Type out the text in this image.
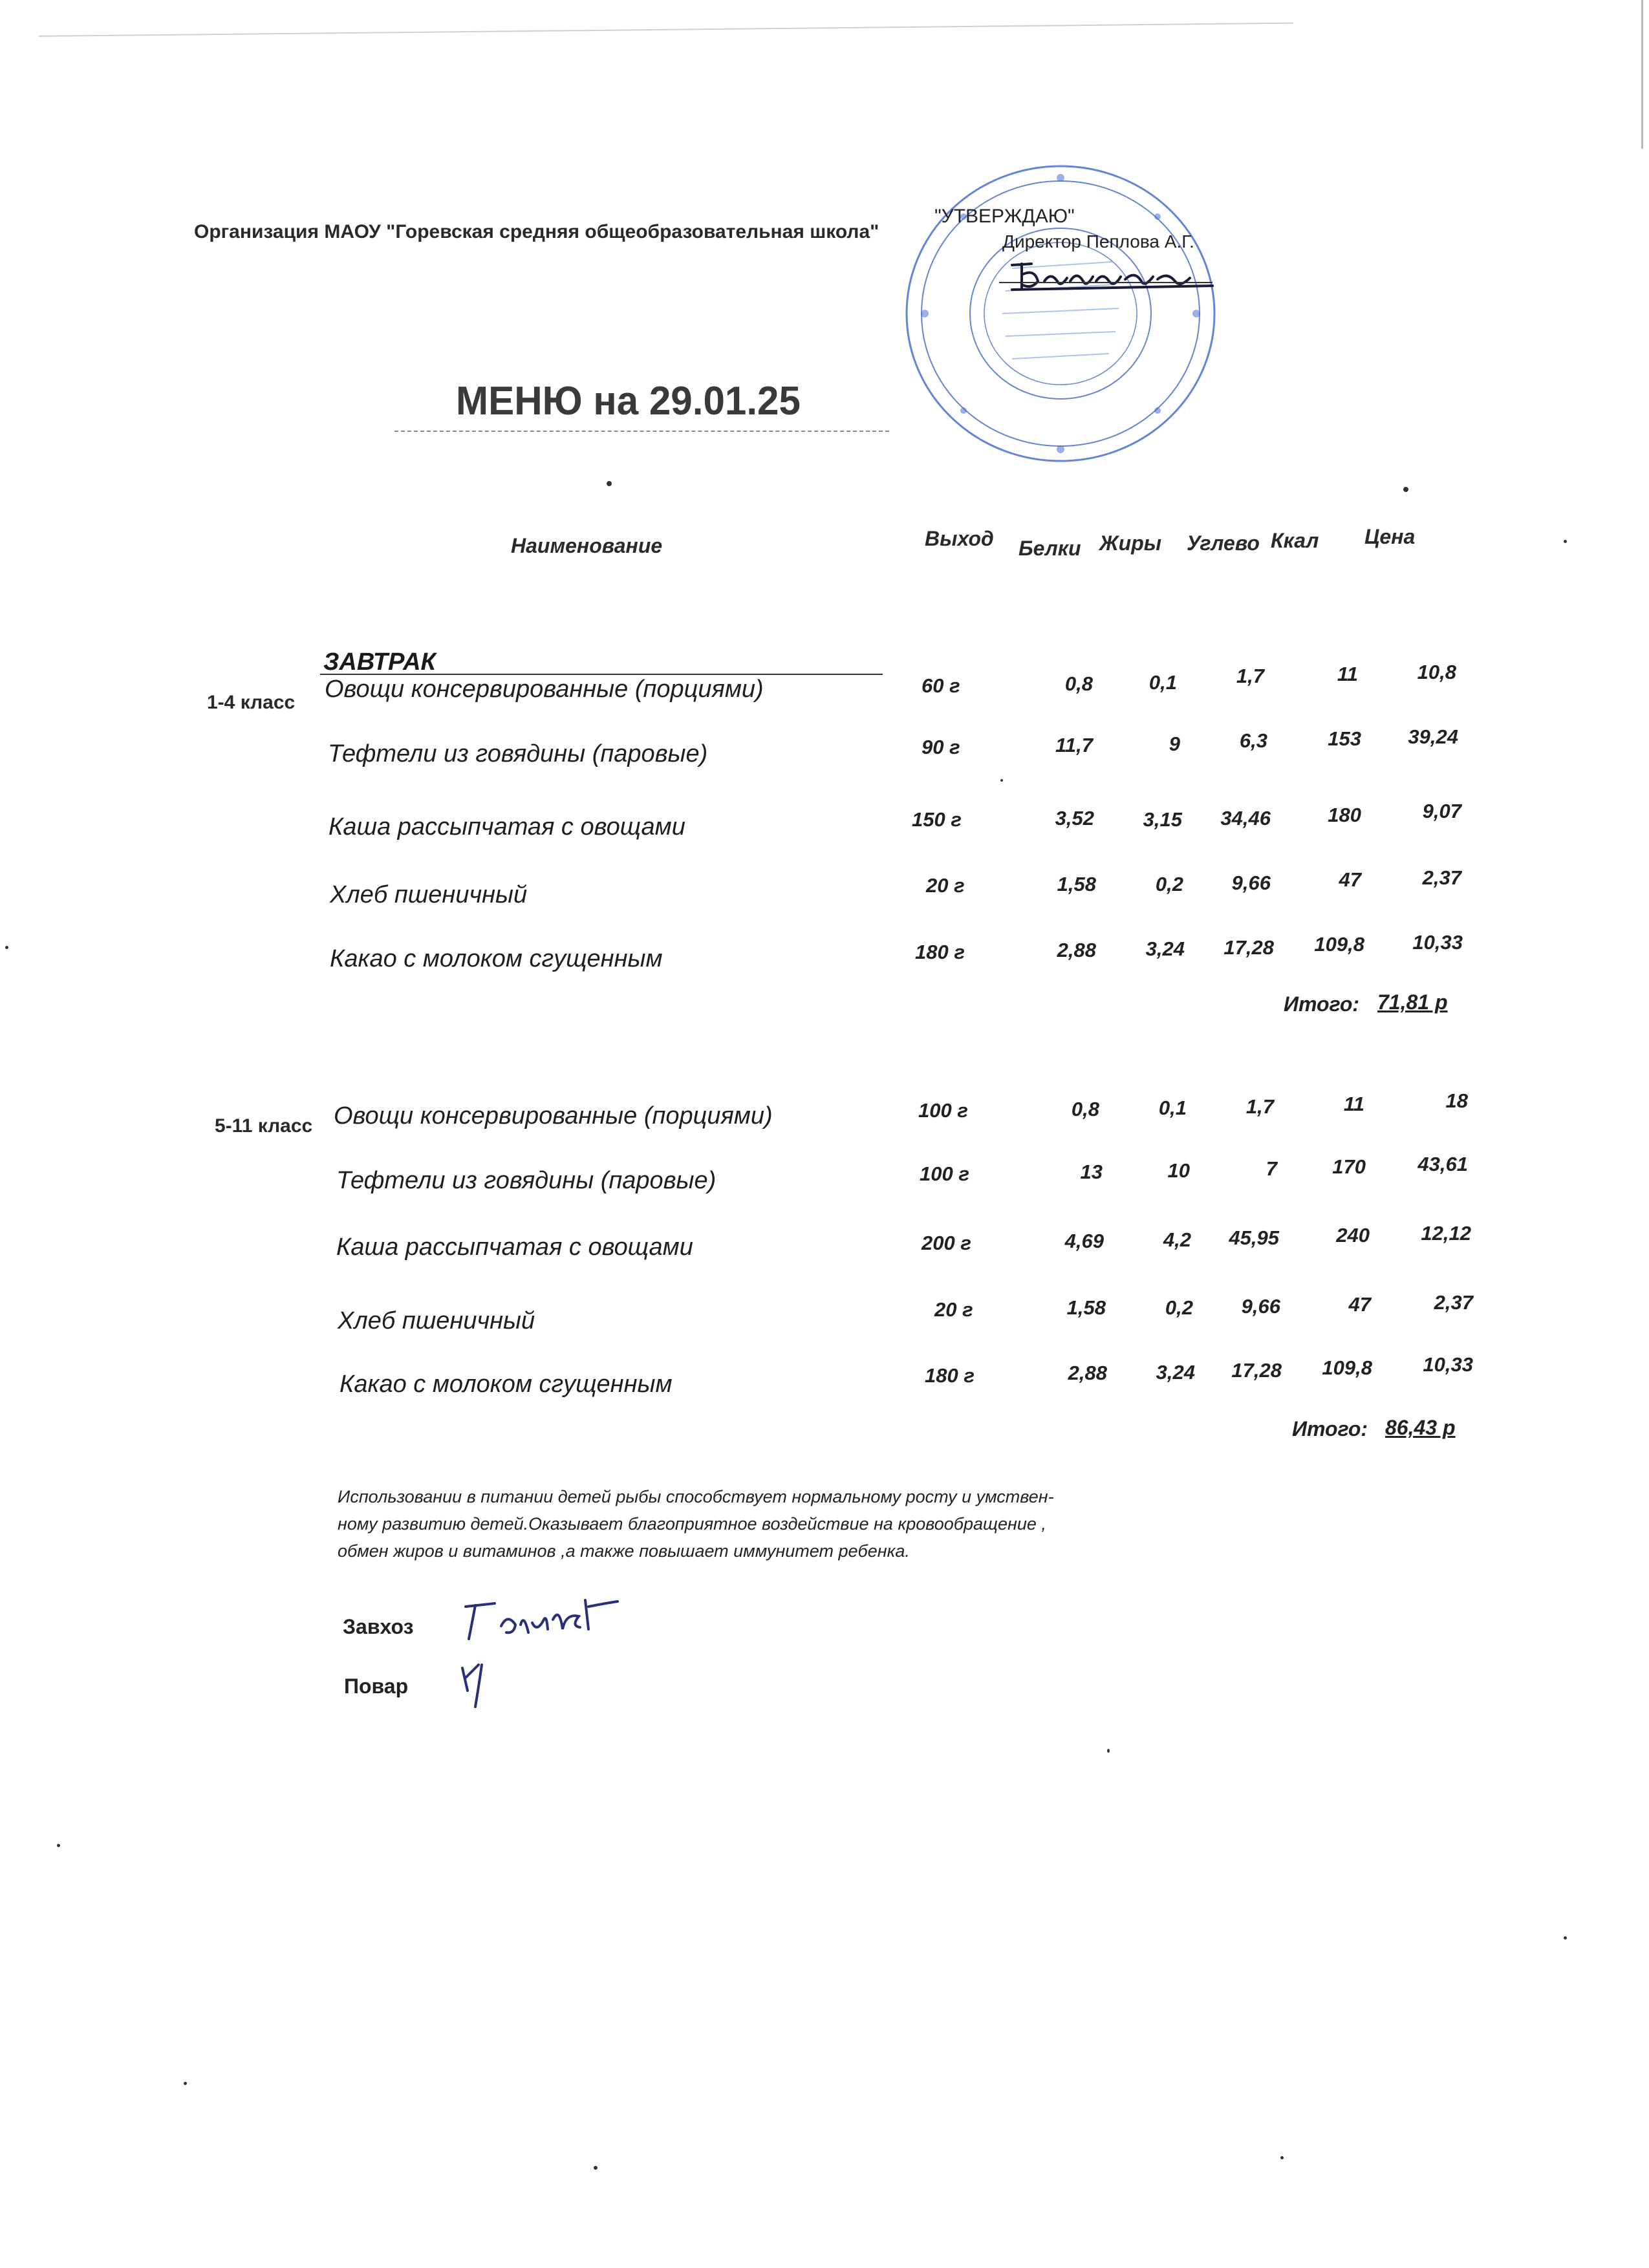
Организация МАОУ "Горевская средняя общеобразовательная школа"
"УТВЕРЖДАЮ"
Директор Пеплова А.Г.
МЕНЮ на 29.01.25
Наименование	Выход Белки Жиры Углево Ккал Цена
ЗАВТРАК
1-4 класс Овощи консервированные (порциями)	60 г	0,8	0,1	1,7	11	10,8
Тефтели из говядины (паровые)	90 г	11,7	9	6,3	153	39,24
Каша рассыпчатая с овощами	150 г	3,52	3,15	34,46	180	9,07
Хлеб пшеничный	20 г	1,58	0,2	9,66	47	2,37
Какао с молоком сгущенным	180 г	2,88	3,24	17,28	109,8	10,33
Итого: 71,81 р
5-11 класс Овощи консервированные (порциями)	100 г	0,8	0,1	1,7	11	18
Тефтели из говядины (паровые)	100 г	13	10	7	170	43,61
Каша рассыпчатая с овощами	200 г	4,69	4,2	45,95	240	12,12
Хлеб пшеничный	20 г	1,58	0,2	9,66	47	2,37
Какао с молоком сгущенным	180 г	2,88	3,24	17,28	109,8	10,33
Итого: 86,43 р
Использовании в питании детей рыбы способствует нормальному росту и умствен-
ному развитию детей.Оказывает благоприятное воздействие на кровообращение ,
обмен жиров и витаминов ,а также повышает иммунитет ребенка.
Завхоз
Повар
